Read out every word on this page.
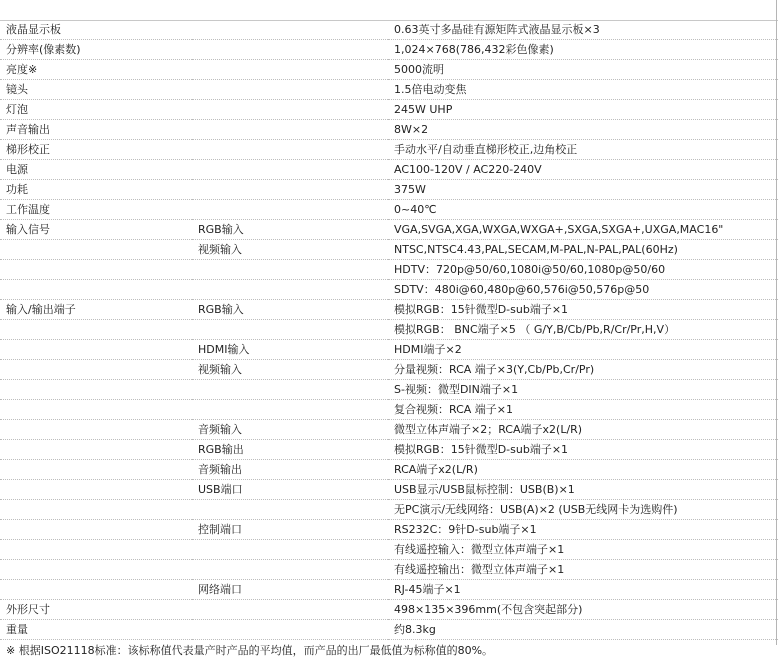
液晶显示板		0.63英寸多晶硅有源矩阵式液晶显示板×3
分辨率(像素数)		1,024×768(786,432彩色像素)
亮度※		5000流明
镜头		1.5倍电动变焦
灯泡		245W UHP
声音输出		8W×2
梯形校正		手动水平/自动垂直梯形校正,边角校正
电源		AC100-120V / AC220-240V
功耗		375W
工作温度		0~40℃
输入信号	RGB输入	VGA,SVGA,XGA,WXGA,WXGA+,SXGA,SXGA+,UXGA,MAC16"
	视频输入	NTSC,NTSC4.43,PAL,SECAM,M-PAL,N-PAL,PAL(60Hz)
		HDTV：720p@50/60,1080i@50/60,1080p@50/60
		SDTV：480i@60,480p@60,576i@50,576p@50
输入/输出端子	RGB输入	模拟RGB：15针微型D-sub端子×1
		模拟RGB： BNC端子×5 （ G/Y,B/Cb/Pb,R/Cr/Pr,H,V）
	HDMI输入	HDMI端子×2
	视频输入	分量视频：RCA 端子×3(Y,Cb/Pb,Cr/Pr)
		S-视频：微型DIN端子×1
		复合视频：RCA 端子×1
	音频输入	微型立体声端子×2；RCA端子x2(L/R)
	RGB输出	模拟RGB：15针微型D-sub端子×1
	音频输出	RCA端子x2(L/R)
	USB端口	USB显示/USB鼠标控制：USB(B)×1
		无PC演示/无线网络：USB(A)×2 (USB无线网卡为选购件)
	控制端口	RS232C：9针D-sub端子×1
		有线遥控输入：微型立体声端子×1
		有线遥控输出：微型立体声端子×1
	网络端口	RJ-45端子×1
外形尺寸		498×135×396mm(不包含突起部分)
重量		约8.3kg
※ 根据ISO21118标准：该标称值代表量产时产品的平均值，而产品的出厂最低值为标称值的80%。
